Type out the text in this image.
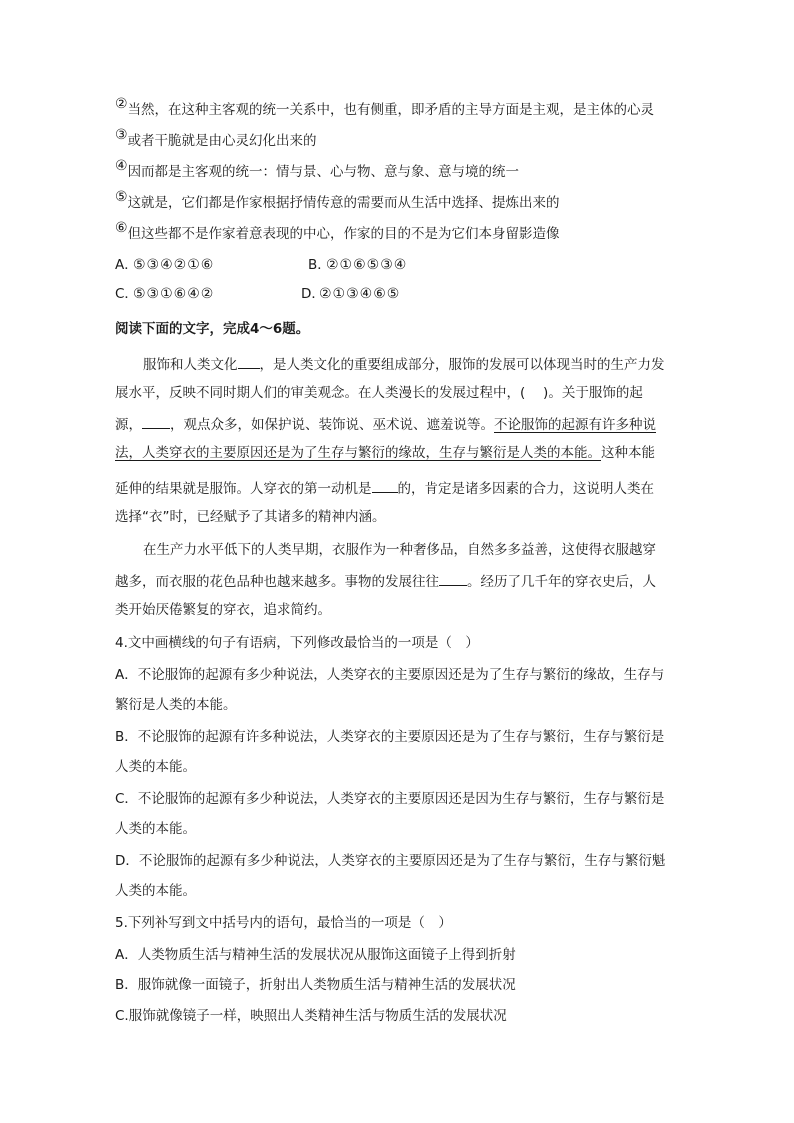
②当然，在这种主客观的统一关系中，也有侧重，即矛盾的主导方面是主观，是主体的心灵
③或者干脆就是由心灵幻化出来的
④因而都是主客观的统一：情与景、心与物、意与象、意与境的统一
⑤这就是，它们都是作家根据抒情传意的需要而从生活中选择、提炼出来的
⑥但这些都不是作家着意表现的中心，作家的目的不是为它们本身留影造像
A．⑤③④②①⑥	B．②①⑥⑤③④
C．⑤③①⑥④②	D．②①③④⑥⑤
阅读下面的文字，完成4～6题。
服饰和人类文化 ，是人类文化的重要组成部分，服饰的发展可以体现当时的生产力发
展水平，反映不同时期人们的审美观念。在人类漫长的发展过程中，(　 )。关于服饰的起
源， ，观点众多，如保护说、装饰说、巫术说、遮羞说等。不论服饰的起源有许多种说
法，人类穿衣的主要原因还是为了生存与繁衍的缘故，生存与繁衍是人类的本能。这种本能
延伸的结果就是服饰。人穿衣的第一动机是 的，肯定是诸多因素的合力，这说明人类在
选择“衣”时，已经赋予了其诸多的精神内涵。
在生产力水平低下的人类早期，衣服作为一种奢侈品，自然多多益善，这使得衣服越穿
越多，而衣服的花色品种也越来越多。事物的发展往往 。经历了几千年的穿衣史后，人
类开始厌倦繁复的穿衣，追求简约。
4.文中画横线的句子有语病，下列修改最恰当的一项是（　）
A．不论服饰的起源有多少种说法，人类穿衣的主要原因还是为了生存与繁衍的缘故，生存与
繁衍是人类的本能。
B．不论服饰的起源有许多种说法，人类穿衣的主要原因还是为了生存与繁衍，生存与繁衍是
人类的本能。
C．不论服饰的起源有多少种说法，人类穿衣的主要原因还是因为生存与繁衍，生存与繁衍是
人类的本能。
D．不论服饰的起源有多少种说法，人类穿衣的主要原因还是为了生存与繁衍，生存与繁衍魁
人类的本能。
5.下列补写到文中括号内的语句，最恰当的一项是（　）
A．人类物质生活与精神生活的发展状况从服饰这面镜子上得到折射
B．服饰就像一面镜子，折射出人类物质生活与精神生活的发展状况
C.服饰就像镜子一样，映照出人类精神生活与物质生活的发展状况
